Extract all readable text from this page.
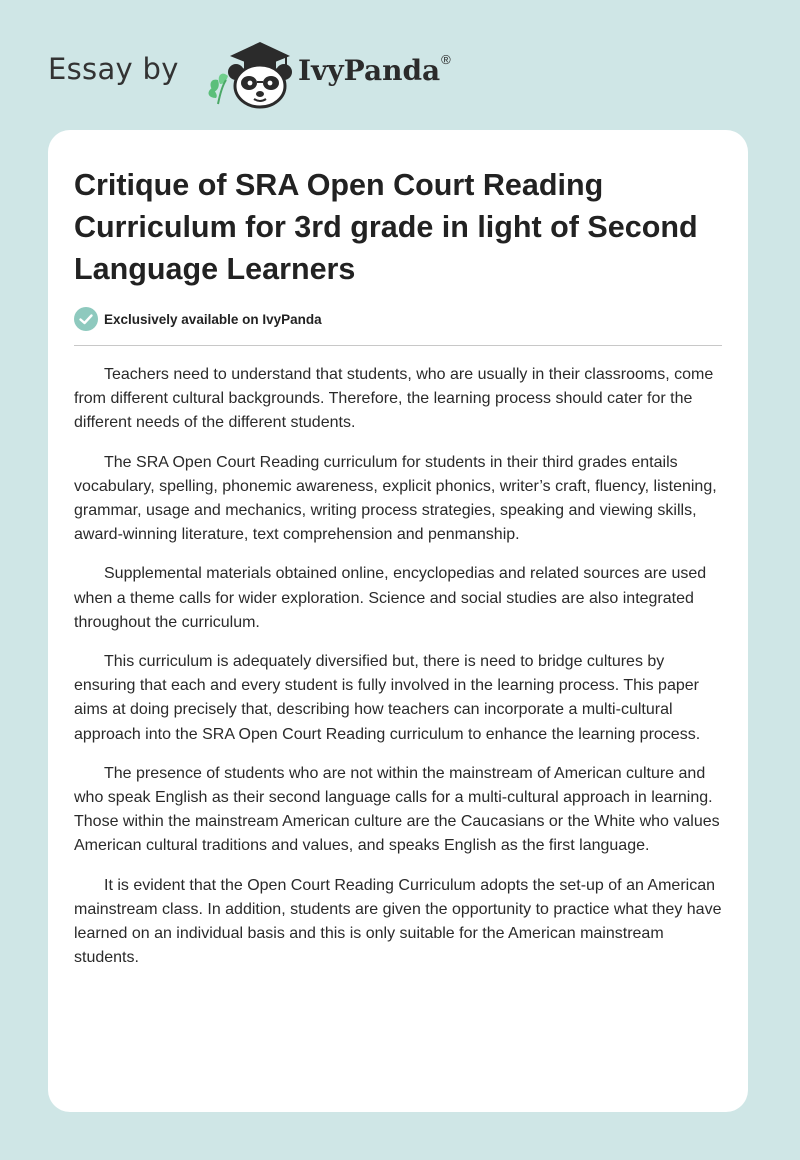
Essay by	IvyPanda®
Critique of SRA Open Court Reading Curriculum for 3rd grade in light of Second Language Learners
Exclusively available on IvyPanda

Teachers need to understand that students, who are usually in their classrooms, come from different cultural backgrounds. Therefore, the learning process should cater for the different needs of the different students.

The SRA Open Court Reading curriculum for students in their third grades entails vocabulary, spelling, phonemic awareness, explicit phonics, writer’s craft, fluency, listening, grammar, usage and mechanics, writing process strategies, speaking and viewing skills, award-winning literature, text comprehension and penmanship.

Supplemental materials obtained online, encyclopedias and related sources are used when a theme calls for wider exploration. Science and social studies are also integrated throughout the curriculum.

This curriculum is adequately diversified but, there is need to bridge cultures by ensuring that each and every student is fully involved in the learning process. This paper aims at doing precisely that, describing how teachers can incorporate a multi-cultural approach into the SRA Open Court Reading curriculum to enhance the learning process.

The presence of students who are not within the mainstream of American culture and who speak English as their second language calls for a multi-cultural approach in learning. Those within the mainstream American culture are the Caucasians or the White who values American cultural traditions and values, and speaks English as the first language.

It is evident that the Open Court Reading Curriculum adopts the set-up of an American mainstream class. In addition, students are given the opportunity to practice what they have learned on an individual basis and this is only suitable for the American mainstream students.
